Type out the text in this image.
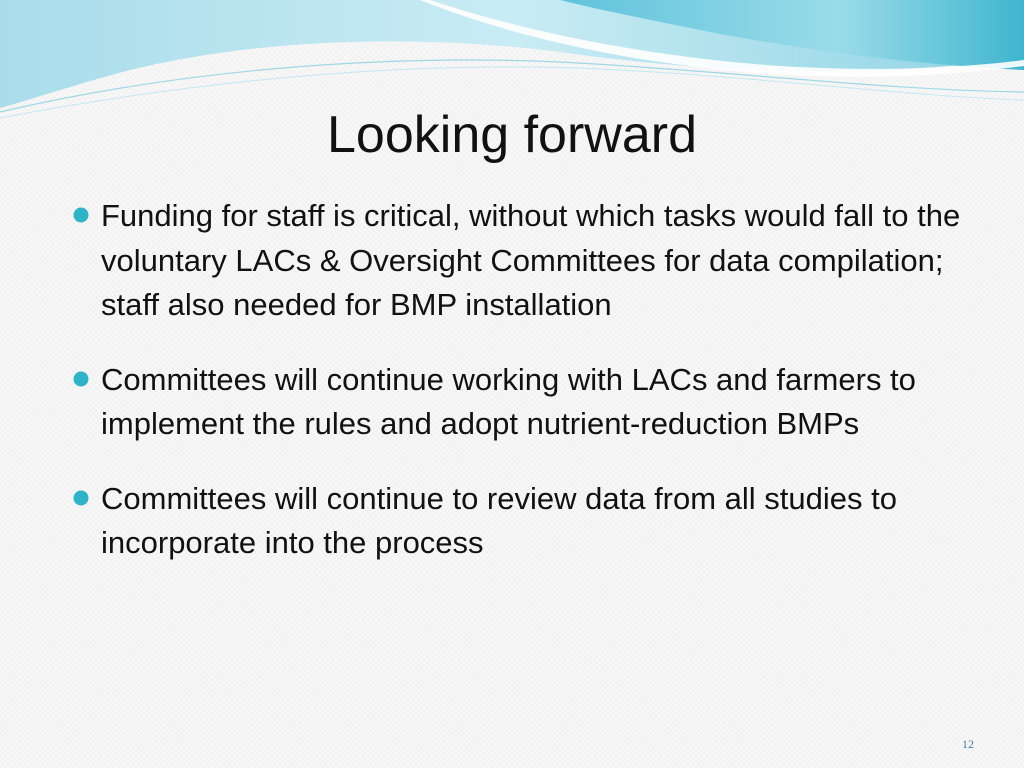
Looking forward
Funding for staff is critical, without which tasks would fall to the voluntary LACs & Oversight Committees for data compilation; staff also needed for BMP installation
Committees will continue working with LACs and farmers to implement the rules and adopt nutrient-reduction BMPs
Committees will continue to review data from all studies to incorporate into the process
12
